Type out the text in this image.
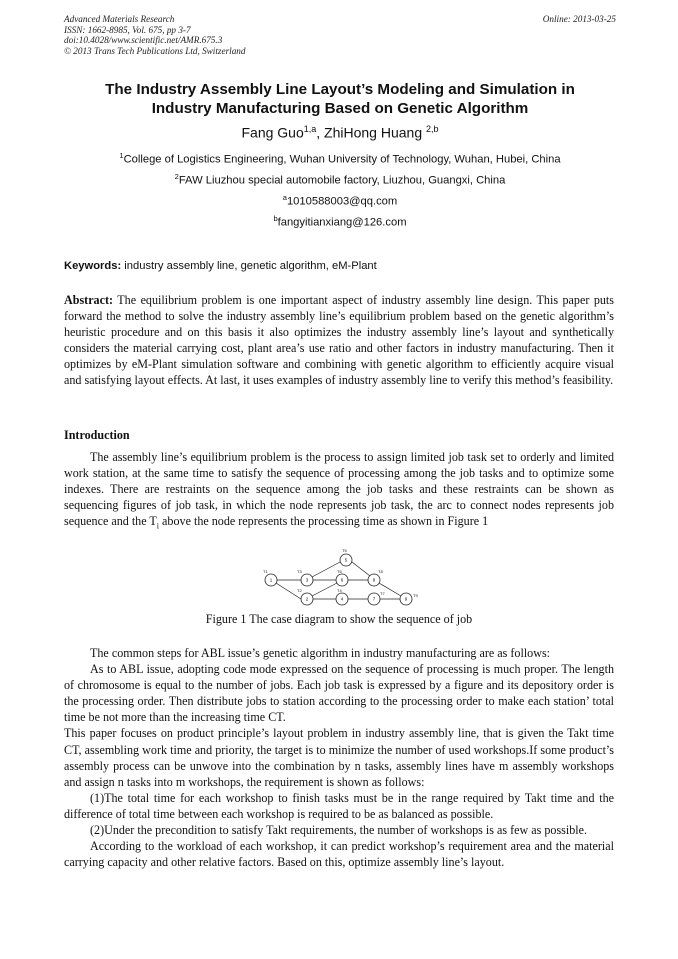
Advanced Materials Research
ISSN: 1662-8985, Vol. 675, pp 3-7
doi:10.4028/www.scientific.net/AMR.675.3
© 2013 Trans Tech Publications Ltd, Switzerland
Online: 2013-03-25
The Industry Assembly Line Layout’s Modeling and Simulation in
Industry Manufacturing Based on Genetic Algorithm
Fang Guo$^{1,a}$, ZhiHong Huang $^{2,b}$
$^1$College of Logistics Engineering, Wuhan University of Technology, Wuhan, Hubei, China
$^2$FAW Liuzhou special automobile factory, Liuzhou, Guangxi, China
$^a$1010588003@qq.com
$^b$fangyitianxiang@126.com
Keywords: industry assembly line, genetic algorithm, eM-Plant

Abstract: The equilibrium problem is one important aspect of industry assembly line design. This paper puts forward the method to solve the industry assembly line’s equilibrium problem based on the genetic algorithm’s heuristic procedure and on this basis it also optimizes the industry assembly line’s layout and synthetically considers the material carrying cost, plant area’s use ratio and other factors in industry manufacturing. Then it optimizes by eM-Plant simulation software and combining with genetic algorithm to efficiently acquire visual and satisfying layout effects. At last, it uses examples of industry assembly line to verify this method’s feasibility.

Introduction

The assembly line’s equilibrium problem is the process to assign limited job task set to orderly and limited work station, at the same time to satisfy the sequence of processing among the job tasks and to optimize some indexes. There are restraints on the sequence among the job tasks and these restraints can be shown as sequencing figures of job task, in which the node represents job task, the arc to connect nodes represents job sequence and the $T_i$ above the node represents the processing time as shown in Figure 1

1	3
2
5
6
4
8
7	9
T1	T3
T2
T5
T6
T4
T8
T7	T9
Figure 1 The case diagram to show the sequence of job

The common steps for ABL issue’s genetic algorithm in industry manufacturing are as follows:

As to ABL issue, adopting code mode expressed on the sequence of processing is much proper. The length of chromosome is equal to the number of jobs. Each job task is expressed by a figure and its depository order is the processing order. Then distribute jobs to station according to the processing order to make each station’ total time be not more than the increasing time CT.

This paper focuses on product principle’s layout problem in industry assembly line, that is given the Takt time CT, assembling work time and priority, the target is to minimize the number of used workshops.If some product’s assembly process can be unwove into the combination by n tasks, assembly lines have m assembly workshops and assign n tasks into m workshops, the requirement is shown as follows:

(1)The total time for each workshop to finish tasks must be in the range required by Takt time and the difference of total time between each workshop is required to be as balanced as possible.

(2)Under the precondition to satisfy Takt requirements, the number of workshops is as few as possible.

According to the workload of each workshop, it can predict workshop’s requirement area and the material carrying capacity and other relative factors. Based on this, optimize assembly line’s layout.
